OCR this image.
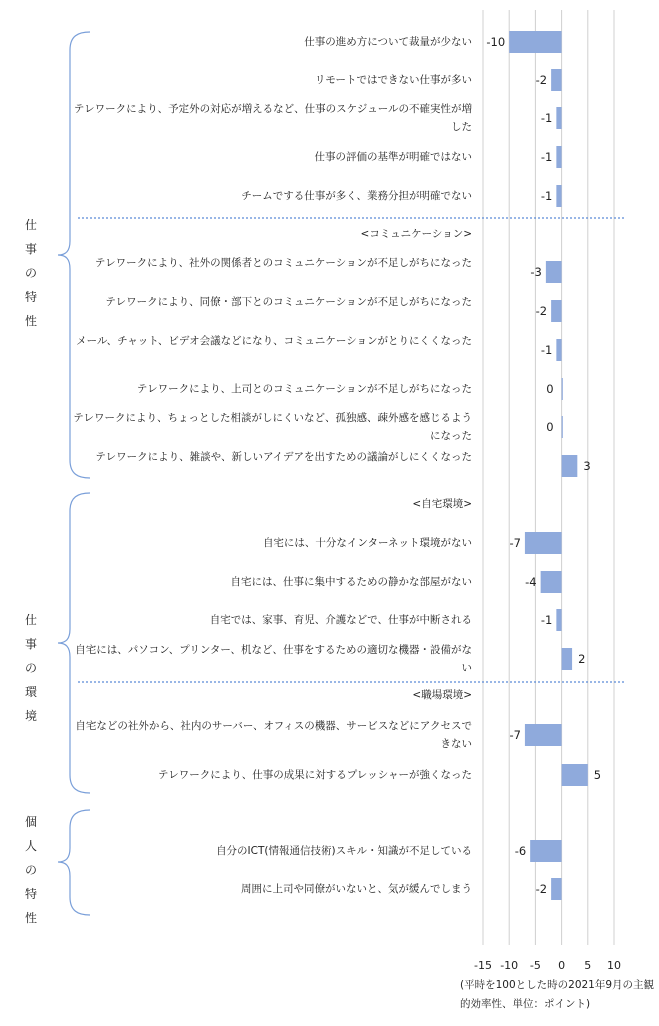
-10
-2
-1
-1
-1
-3
-2
-1
0
0
3
-7
-4
-1
2
-7
5
-6
-2
-15 -10 -5 0 5 10
仕
事
の
特
性
仕事の進め方について裁量が少ない
リモートではできない仕事が多い
テレワークにより、予定外の対応が増えるなど、仕事のスケジュールの不確実性が増した
仕事の評価の基準が明確ではない
チームでする仕事が多く、業務分担が明確でない
<コミュニケーション>
テレワークにより、社外の関係者とのコミュニケーションが不足しがちになった
テレワークにより、同僚・部下とのコミュニケーションが不足しがちになった
メール、チャット、ビデオ会議などになり、コミュニケーションがとりにくくなった
テレワークにより、上司とのコミュニケーションが不足しがちになった
テレワークにより、ちょっとした相談がしにくいなど、孤独感、疎外感を感じるようになった
テレワークにより、雑談や、新しいアイデアを出すための議論がしにくくなった
仕
事
の
環
境
<自宅環境>
自宅には、十分なインターネット環境がない
自宅には、仕事に集中するための静かな部屋がない
自宅では、家事、育児、介護などで、仕事が中断される
自宅には、パソコン、プリンター、机など、仕事をするための適切な機器・設備がない
<職場環境>
自宅などの社外から、社内のサーバー、オフィスの機器、サービスなどにアクセスできない
テレワークにより、仕事の成果に対するプレッシャーが強くなった
個
人
の
特
性
自分のICT(情報通信技術)スキル・知識が不足している
周囲に上司や同僚がいないと、気が緩んでしまう
(平時を100とした時の2021年9月の主観的効率性、単位：ポイント)
